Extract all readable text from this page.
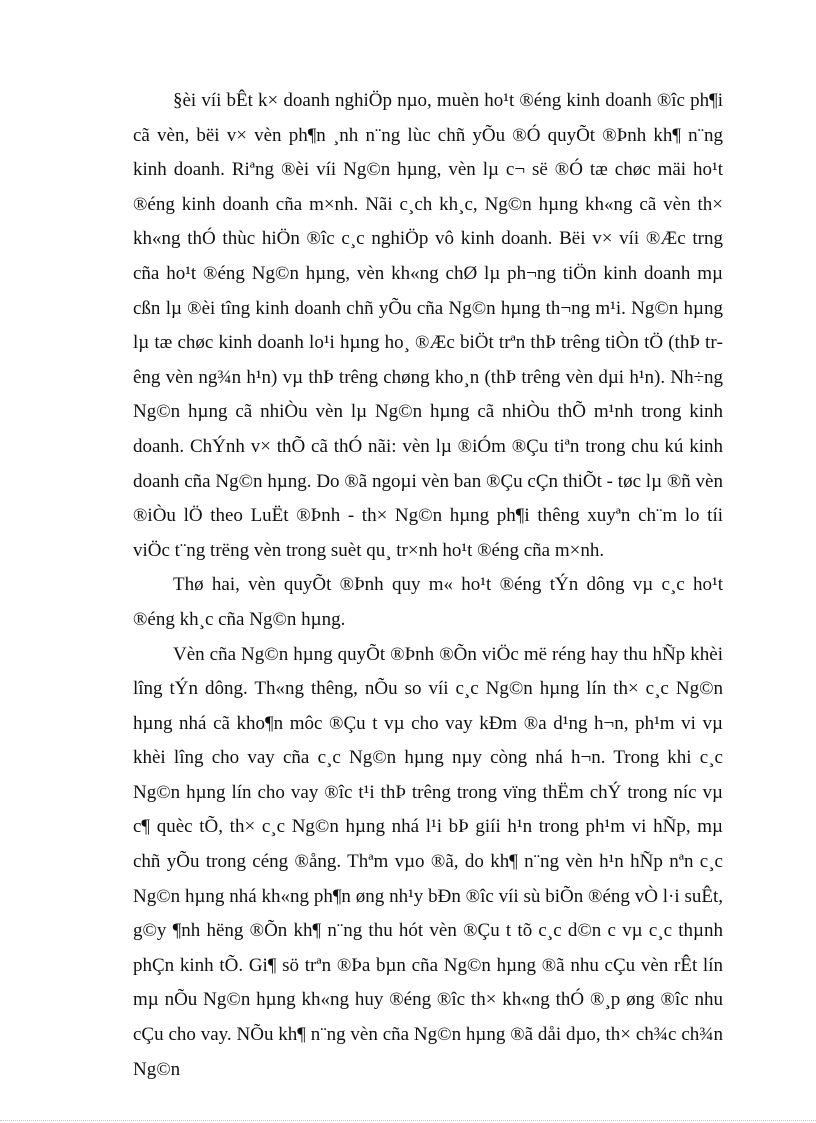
§èi víi bÊt k× doanh nghiÖp nµo, muèn ho¹t ®éng kinh doanh ®îc ph¶i cã vèn, bëi v× vèn ph¶n ¸nh n¨ng lùc chñ yÕu ®Ó quyÕt ®Þnh kh¶ n¨ng kinh doanh. Riªng ®èi víi Ng©n hµng, vèn lµ c¬ së ®Ó tæ chøc mäi ho¹t ®éng kinh doanh cña m×nh. Nãi c¸ch kh¸c, Ng©n hµng kh«ng cã vèn th× kh«ng thÓ thùc hiÖn ®îc c¸c nghiÖp vô kinh doanh. Bëi v× víi ®Æc trng cña ho¹t ®éng Ng©n hµng, vèn kh«ng chØ lµ ph¬ng tiÖn kinh doanh mµ cßn lµ ®èi tîng kinh doanh chñ yÕu cña Ng©n hµng th¬ng m¹i. Ng©n hµng lµ tæ chøc kinh doanh lo¹i hµng ho¸ ®Æc biÖt trªn thÞ trêng tiÒn tÖ (thÞ trêng vèn ng¾n h¹n) vµ thÞ trêng chøng kho¸n (thÞ trêng vèn dµi h¹n). Nh÷ng Ng©n hµng cã nhiÒu vèn lµ Ng©n hµng cã nhiÒu thÕ m¹nh trong kinh doanh. ChÝnh v× thÕ cã thÓ nãi: vèn lµ ®iÓm ®Çu tiªn trong chu kú kinh doanh cña Ng©n hµng. Do ®ã ngoµi vèn ban ®Çu cÇn thiÕt - tøc lµ ®ñ vèn ®iÒu lÖ theo LuËt ®Þnh - th× Ng©n hµng ph¶i thêng xuyªn ch¨m lo tíi viÖc t¨ng trëng vèn trong suèt qu¸ tr×nh ho¹t ®éng cña m×nh.

Thø hai, vèn quyÕt ®Þnh quy m« ho¹t ®éng tÝn dông vµ c¸c ho¹t ®éng kh¸c cña Ng©n hµng.

Vèn cña Ng©n hµng quyÕt ®Þnh ®Õn viÖc më réng hay thu hÑp khèi lîng tÝn dông. Th«ng thêng, nÕu so víi c¸c Ng©n hµng lín th× c¸c Ng©n hµng nhá cã kho¶n môc ®Çu t vµ cho vay kÐm ®a d¹ng h¬n, ph¹m vi vµ khèi lîng cho vay cña c¸c Ng©n hµng nµy còng nhá h¬n. Trong khi c¸c Ng©n hµng lín cho vay ®îc t¹i thÞ trêng trong vïng thËm chÝ trong níc vµ c¶ quèc tÕ, th× c¸c Ng©n hµng nhá l¹i bÞ giíi h¹n trong ph¹m vi hÑp, mµ chñ yÕu trong céng ®ång. Thªm vµo ®ã, do kh¶ n¨ng vèn h¹n hÑp nªn c¸c Ng©n hµng nhá kh«ng ph¶n øng nh¹y bÐn ®îc víi sù biÕn ®éng vÒ l·i suÊt, g©y ¶nh hëng ®Õn kh¶ n¨ng thu hót vèn ®Çu t tõ c¸c d©n c vµ c¸c thµnh phÇn kinh tÕ. Gi¶ sö trªn ®Þa bµn cña Ng©n hµng ®ã nhu cÇu vèn rÊt lín mµ nÕu Ng©n hµng kh«ng huy ®éng ®îc th× kh«ng thÓ ®¸p øng ®îc nhu cÇu cho vay. NÕu kh¶ n¨ng vèn cña Ng©n hµng ®ã dåi dµo, th× ch¾c ch¾n Ng©n
